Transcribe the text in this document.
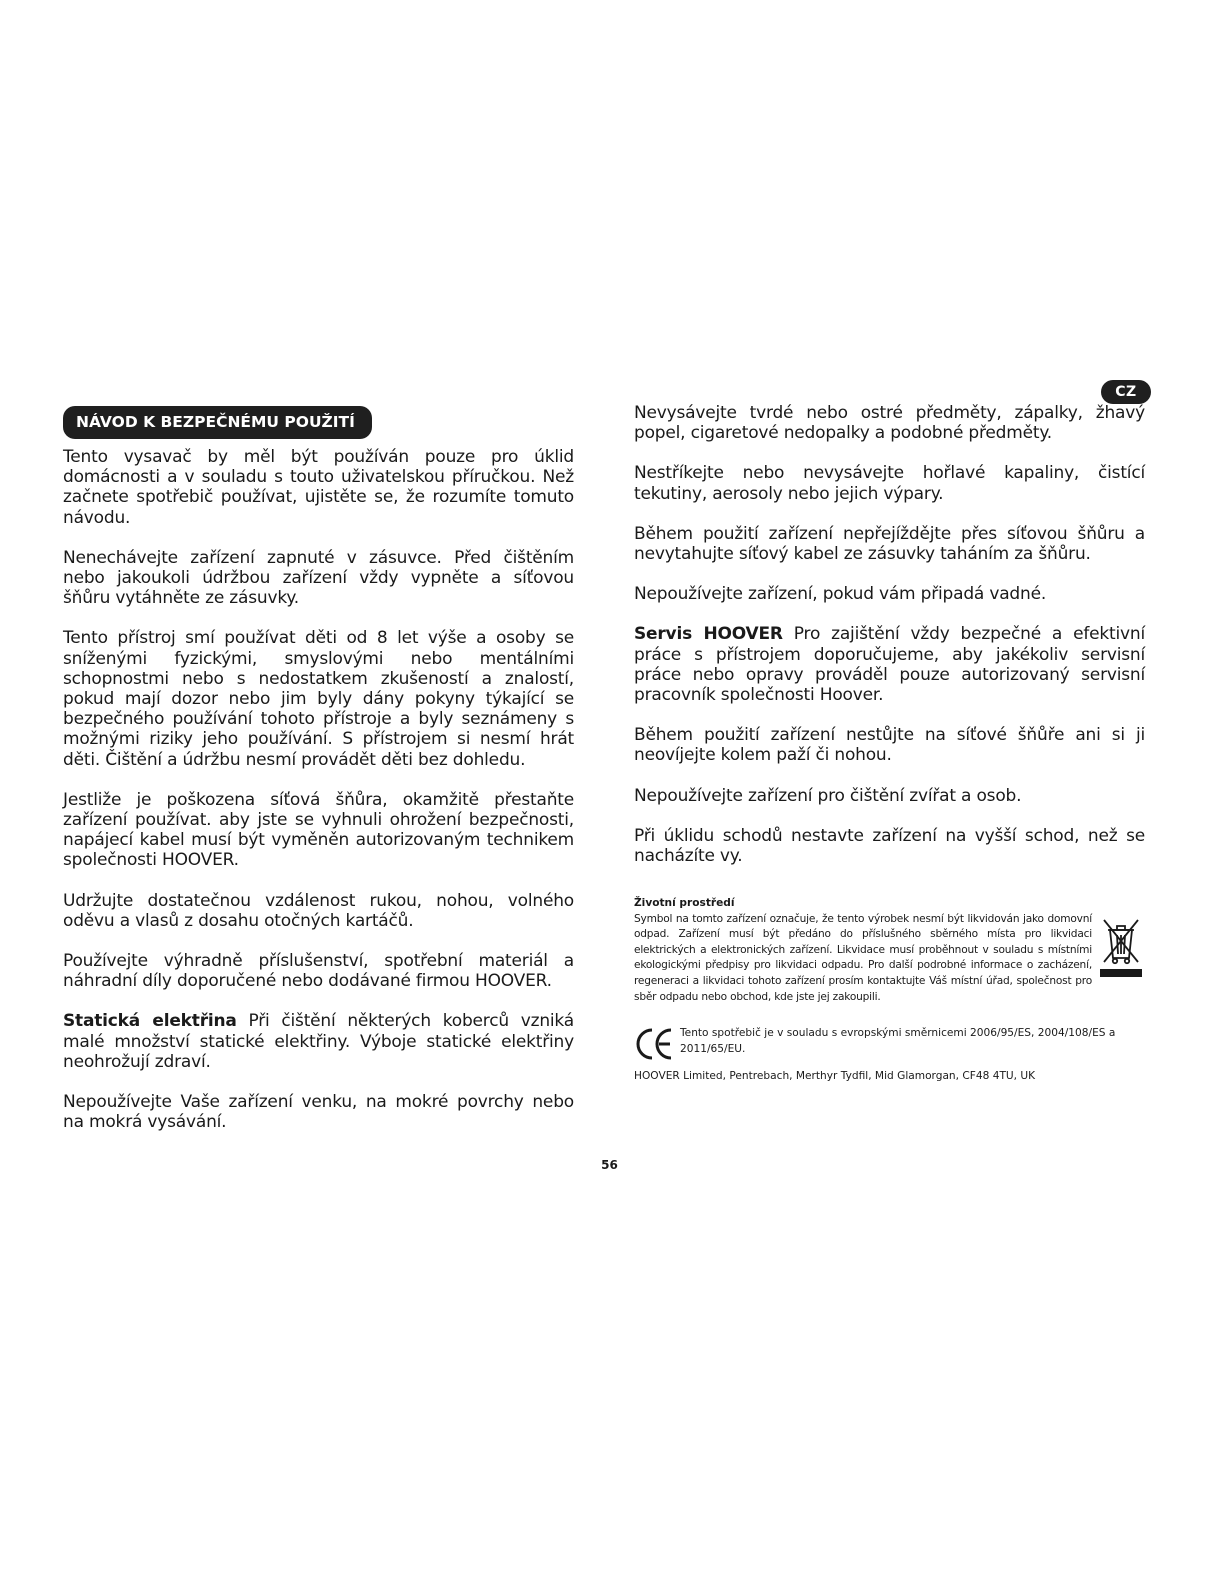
CZ
NÁVOD K BEZPEČNÉMU POUŽITÍ

Tento vysavač by měl být používán pouze pro úklid domácnosti a v souladu s touto uživatelskou příručkou. Než začnete spotřebič používat, ujistěte se, že rozumíte tomuto návodu.

Nenechávejte zařízení zapnuté v zásuvce. Před čištěním nebo jakoukoli údržbou zařízení vždy vypněte a síťovou šňůru vytáhněte ze zásuvky.

Tento přístroj smí používat děti od 8 let výše a osoby se sníženými fyzickými, smyslovými nebo mentálními schopnostmi nebo s nedostatkem zkušeností a znalostí, pokud mají dozor nebo jim byly dány pokyny týkající se bezpečného používání tohoto přístroje a byly seznámeny s možnými riziky jeho používání. S přístrojem si nesmí hrát děti. Čištění a údržbu nesmí provádět děti bez dohledu.

Jestliže je poškozena síťová šňůra, okamžitě přestaňte zařízení používat. aby jste se vyhnuli ohrožení bezpečnosti, napájecí kabel musí být vyměněn autorizovaným technikem společnosti HOOVER.

Udržujte dostatečnou vzdálenost rukou, nohou, volného oděvu a vlasů z dosahu otočných kartáčů.

Používejte výhradně příslušenství, spotřební materiál a náhradní díly doporučené nebo dodávané firmou HOOVER.

Statická elektřina Při čištění některých koberců vzniká malé množství statické elektřiny. Výboje statické elektřiny neohrožují zdraví.

Nepoužívejte Vaše zařízení venku, na mokré povrchy nebo na mokrá vysávání.

Nevysávejte tvrdé nebo ostré předměty, zápalky, žhavý popel, cigaretové nedopalky a podobné předměty.

Nestříkejte nebo nevysávejte hořlavé kapaliny, čistící tekutiny, aerosoly nebo jejich výpary.

Během použití zařízení nepřejíždějte přes síťovou šňůru a nevytahujte síťový kabel ze zásuvky taháním za šňůru.

Nepoužívejte zařízení, pokud vám připadá vadné.

Servis HOOVER Pro zajištění vždy bezpečné a efektivní práce s přístrojem doporučujeme, aby jakékoliv servisní práce nebo opravy prováděl pouze autorizovaný servisní pracovník společnosti Hoover.

Během použití zařízení nestůjte na síťové šňůře ani si ji neovíjejte kolem paží či nohou.

Nepoužívejte zařízení pro čištění zvířat a osob.

Při úklidu schodů nestavte zařízení na vyšší schod, než se nacházíte vy.

Životní prostředí

Symbol na tomto zařízení označuje, že tento výrobek nesmí být likvidován jako domovní odpad. Zařízení musí být předáno do příslušného sběrného místa pro likvidaci elektrických a elektronických zařízení. Likvidace musí proběhnout v souladu s místními ekologickými předpisy pro likvidaci odpadu. Pro další podrobné informace o zacházení, regeneraci a likvidaci tohoto zařízení prosím kontaktujte Váš místní úřad, společnost pro sběr odpadu nebo obchod, kde jste jej zakoupili.

Tento spotřebič je v souladu s evropskými směrnicemi 2006/95/ES, 2004/108/ES a 2011/65/EU.
HOOVER Limited, Pentrebach, Merthyr Tydfil, Mid Glamorgan, CF48 4TU, UK
56
